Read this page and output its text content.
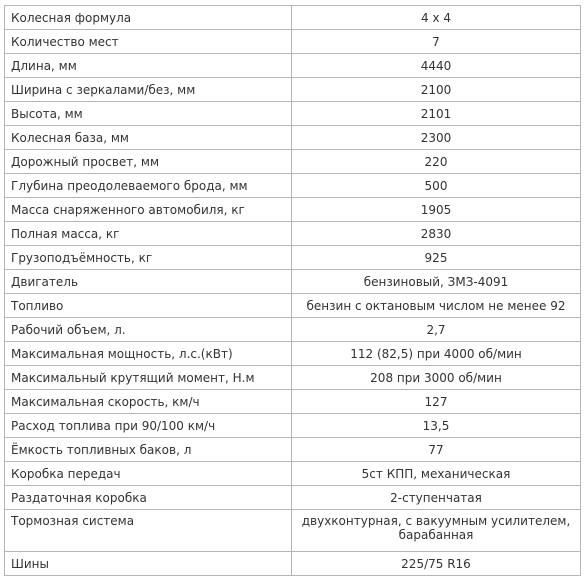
Колесная формула	4 x 4
Количество мест	7
Длина, мм	4440
Ширина с зеркалами/без, мм	2100
Высота, мм	2101
Колесная база, мм	2300
Дорожный просвет, мм	220
Глубина преодолеваемого брода, мм	500
Масса снаряженного автомобиля, кг	1905
Полная масса, кг	2830
Грузоподъёмность, кг	925
Двигатель	бензиновый, ЗМЗ-4091
Топливо	бензин с октановым числом не менее 92
Рабочий объем, л.	2,7
Максимальная мощность, л.с.(кВт)	112 (82,5) при 4000 об/мин
Максимальный крутящий момент, Н.м	208 при 3000 об/мин
Максимальная скорость, км/ч	127
Расход топлива при 90/100 км/ч	13,5
Ёмкость топливных баков, л	77
Коробка передач	5ст КПП, механическая
Раздаточная коробка	2-ступенчатая
Тормозная система	двухконтурная, с вакуумным усилителем, барабанная
Шины	225/75 R16
